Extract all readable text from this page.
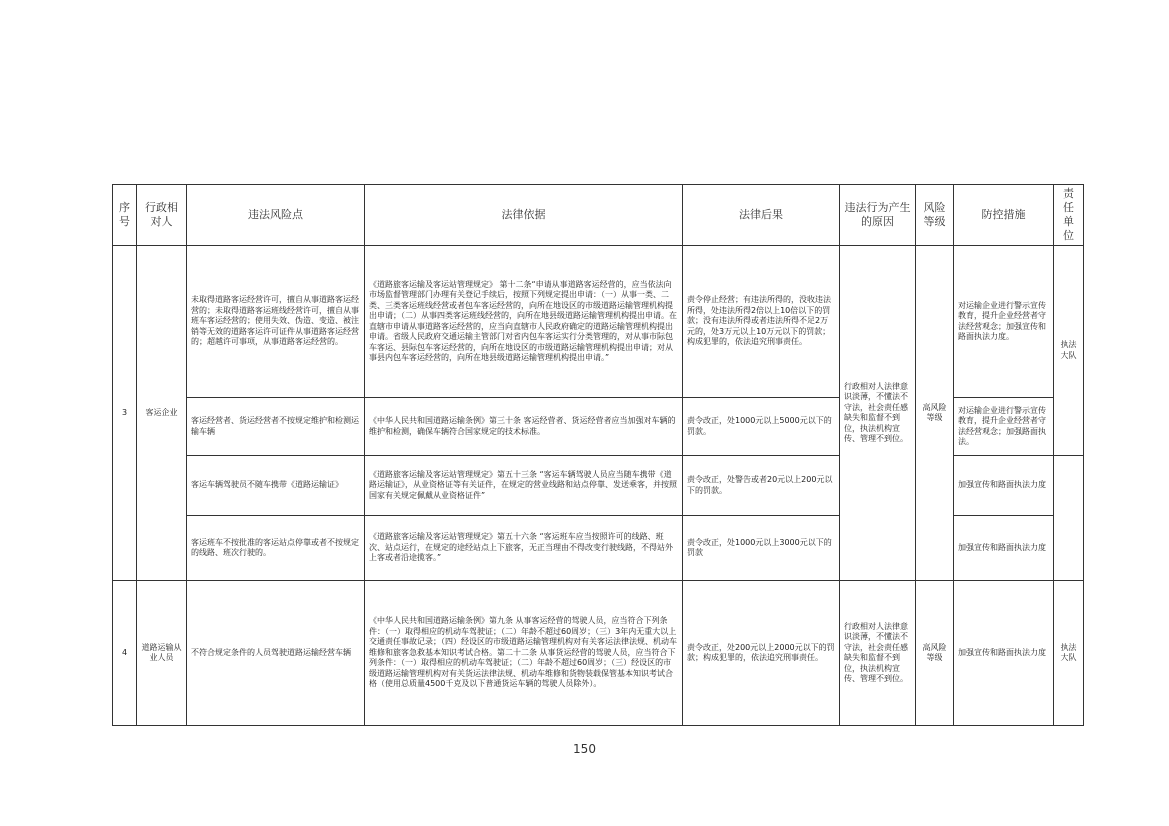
序号	行政相对人	违法风险点	法律依据	法律后果	违法行为产生的原因	风险等级	防控措施	责任单位
3	客运企业	未取得道路客运经营许可，擅自从事道路客运经营的；未取得道路客运班线经营许可，擅自从事班车客运经营的；使用失效、伪造、变造、被注销等无效的道路客运许可证件从事道路客运经营的；超越许可事项，从事道路客运经营的。	《道路旅客运输及客运站管理规定》 第十二条“申请从事道路客运经营的，应当依法向市场监督管理部门办理有关登记手续后，按照下列规定提出申请：（一）从事一类、二类、三类客运班线经营或者包车客运经营的，向所在地设区的市级道路运输管理机构提出申请；（二）从事四类客运班线经营的，向所在地县级道路运输管理机构提出申请。在直辖市申请从事道路客运经营的，应当向直辖市人民政府确定的道路运输管理机构提出申请。省级人民政府交通运输主管部门对省内包车客运实行分类管理的，对从事市际包车客运、县际包车客运经营的，向所在地设区的市级道路运输管理机构提出申请；对从事县内包车客运经营的，向所在地县级道路运输管理机构提出申请。”	责令停止经营；有违法所得的，没收违法所得，处违法所得2倍以上10倍以下的罚款；没有违法所得或者违法所得不足2万元的，处3万元以上10万元以下的罚款；构成犯罪的，依法追究刑事责任。	行政相对人法律意识淡薄，不懂法不守法，社会责任感缺失和监督不到位，执法机构宣传、管理不到位。	高风险等级	对运输企业进行警示宣传教育，提升企业经营者守法经营观念；加强宣传和路面执法力度。	执法大队
		客运经营者、货运经营者不按规定维护和检测运输车辆	《中华人民共和国道路运输条例》第三十条 客运经营者、货运经营者应当加强对车辆的维护和检测，确保车辆符合国家规定的技术标准。	责令改正，处1000元以上5000元以下的罚款。			对运输企业进行警示宣传教育，提升企业经营者守法经营观念；加强路面执法。	
		客运车辆驾驶员不随车携带《道路运输证》	《道路旅客运输及客运站管理规定》第五十三条 “客运车辆驾驶人员应当随车携带《道路运输证》，从业资格证等有关证件，在规定的营业线路和站点停靠、发送乘客，并按照国家有关规定佩戴从业资格证件”	责令改正，处警告或者20元以上200元以下的罚款。			加强宣传和路面执法力度	
		客运班车不按批准的客运站点停靠或者不按规定的线路、班次行驶的。	《道路旅客运输及客运站管理规定》第五十六条 “客运班车应当按照许可的线路、班次、站点运行，在规定的途经站点上下旅客，无正当理由不得改变行驶线路，不得站外上客或者沿途揽客。”	责令改正，处1000元以上3000元以下的罚款			加强宣传和路面执法力度	
4	道路运输从业人员	不符合规定条件的人员驾驶道路运输经营车辆	《中华人民共和国道路运输条例》第九条 从事客运经营的驾驶人员，应当符合下列条件：（一）取得相应的机动车驾驶证；（二）年龄不超过60周岁；（三）3年内无重大以上交通责任事故记录；（四）经设区的市级道路运输管理机构对有关客运法律法规、机动车维修和旅客急救基本知识考试合格。第二十二条 从事货运经营的驾驶人员，应当符合下列条件：（一）取得相应的机动车驾驶证；（二）年龄不超过60周岁；（三）经设区的市级道路运输管理机构对有关货运法律法规、机动车维修和货物装载保管基本知识考试合格（使用总质量4500千克及以下普通货运车辆的驾驶人员除外）。	责令改正，处200元以上2000元以下的罚款；构成犯罪的，依法追究刑事责任。	行政相对人法律意识淡薄，不懂法不守法，社会责任感缺失和监督不到位，执法机构宣传、管理不到位。	高风险等级	加强宣传和路面执法力度	执法大队
150
